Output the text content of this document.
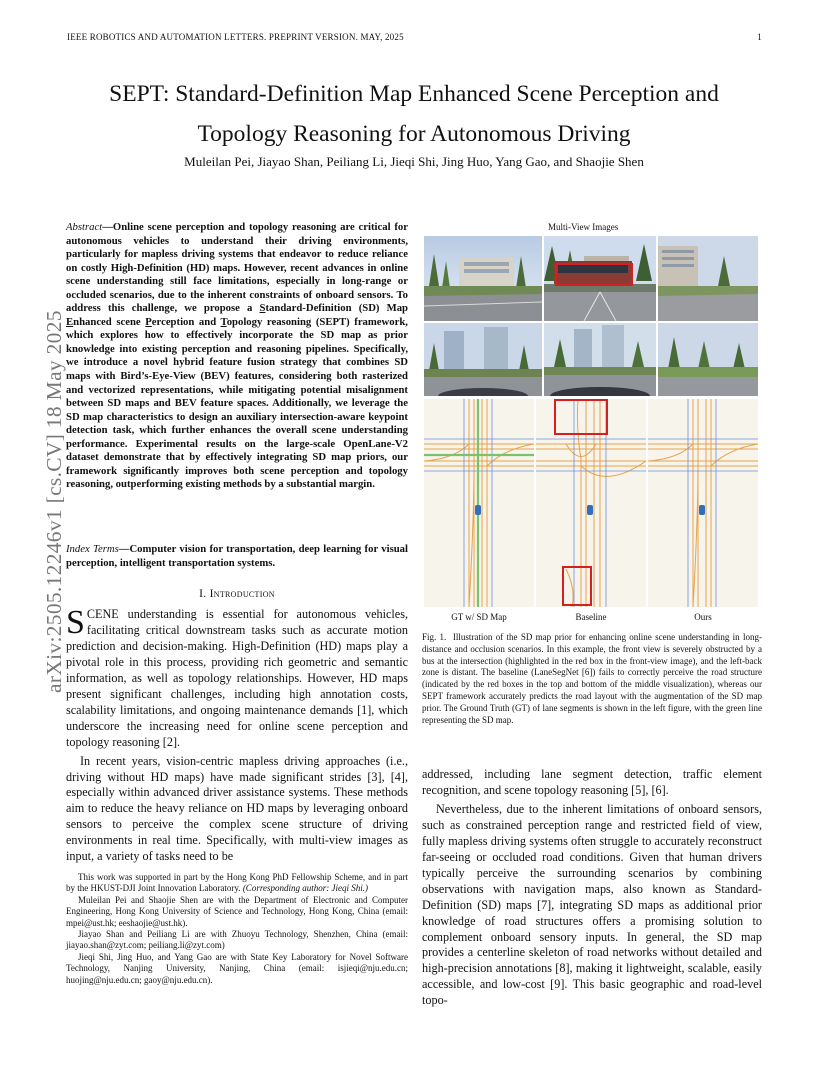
IEEE ROBOTICS AND AUTOMATION LETTERS. PREPRINT VERSION. MAY, 2025	1
SEPT: Standard-Definition Map Enhanced Scene Perception and
Topology Reasoning for Autonomous Driving
Muleilan Pei, Jiayao Shan, Peiliang Li, Jieqi Shi, Jing Huo, Yang Gao, and Shaojie Shen
arXiv:2505.12246v1 [cs.CV] 18 May 2025
Abstract—Online scene perception and topology reasoning are critical for autonomous vehicles to understand their driving environments, particularly for mapless driving systems that endeavor to reduce reliance on costly High-Definition (HD) maps. However, recent advances in online scene understanding still face limitations, especially in long-range or occluded scenarios, due to the inherent constraints of onboard sensors. To address this challenge, we propose a Standard-Definition (SD) Map Enhanced scene Perception and Topology reasoning (SEPT) framework, which explores how to effectively incorporate the SD map as prior knowledge into existing perception and reasoning pipelines. Specifically, we introduce a novel hybrid feature fusion strategy that combines SD maps with Bird’s-Eye-View (BEV) features, considering both rasterized and vectorized representations, while mitigating potential misalignment between SD maps and BEV feature spaces. Additionally, we leverage the SD map characteristics to design an auxiliary intersection-aware keypoint detection task, which further enhances the overall scene understanding performance. Experimental results on the large-scale OpenLane-V2 dataset demonstrate that by effectively integrating SD map priors, our framework significantly improves both scene perception and topology reasoning, outperforming existing methods by a substantial margin.
Index Terms—Computer vision for transportation, deep learning for visual perception, intelligent transportation systems.
I. Introduction

SCENE understanding is essential for autonomous vehicles, facilitating critical downstream tasks such as accurate motion prediction and decision-making. High-Definition (HD) maps play a pivotal role in this process, providing rich geometric and semantic information, as well as topology relationships. However, HD maps present significant challenges, including high annotation costs, scalability limitations, and ongoing maintenance demands [1], which underscore the increasing need for online scene perception and topology reasoning [2].

In recent years, vision-centric mapless driving approaches (i.e., driving without HD maps) have made significant strides [3], [4], especially within advanced driver assistance systems. These methods aim to reduce the heavy reliance on HD maps by leveraging onboard sensors to perceive the complex scene structure of driving environments in real time. Specifically, with multi-view images as input, a variety of tasks need to be

This work was supported in part by the Hong Kong PhD Fellowship Scheme, and in part by the HKUST-DJI Joint Innovation Laboratory. (Corresponding author: Jieqi Shi.)

Muleilan Pei and Shaojie Shen are with the Department of Electronic and Computer Engineering, Hong Kong University of Science and Technology, Hong Kong, China (email: mpei@ust.hk; eeshaojie@ust.hk).

Jiayao Shan and Peiliang Li are with Zhuoyu Technology, Shenzhen, China (email: jiayao.shan@zyt.com; peiliang.li@zyt.com)

Jieqi Shi, Jing Huo, and Yang Gao are with State Key Laboratory for Novel Software Technology, Nanjing University, Nanjing, China (email: isjieqi@nju.edu.cn; huojing@nju.edu.cn; gaoy@nju.edu.cn).

Multi-View Images
GT w/ SD Map	Baseline	Ours
Fig. 1. Illustration of the SD map prior for enhancing online scene understanding in long-distance and occlusion scenarios. In this example, the front view is severely obstructed by a bus at the intersection (highlighted in the red box in the front-view image), and the left-back zone is distant. The baseline (LaneSegNet [6]) fails to correctly perceive the road structure (indicated by the red boxes in the top and bottom of the middle visualization), whereas our SEPT framework accurately predicts the road layout with the augmentation of the SD map prior. The Ground Truth (GT) of lane segments is shown in the left figure, with the green line representing the SD map.

addressed, including lane segment detection, traffic element recognition, and scene topology reasoning [5], [6].

Nevertheless, due to the inherent limitations of onboard sensors, such as constrained perception range and restricted field of view, fully mapless driving systems often struggle to accurately reconstruct far-seeing or occluded road conditions. Given that human drivers typically perceive the surrounding scenarios by combining observations with navigation maps, also known as Standard-Definition (SD) maps [7], integrating SD maps as additional prior knowledge of road structures offers a promising solution to complement onboard sensory inputs. In general, the SD map provides a centerline skeleton of road networks without detailed and high-precision annotations [8], making it lightweight, scalable, easily accessible, and low-cost [9]. This basic geographic and road-level topo-
